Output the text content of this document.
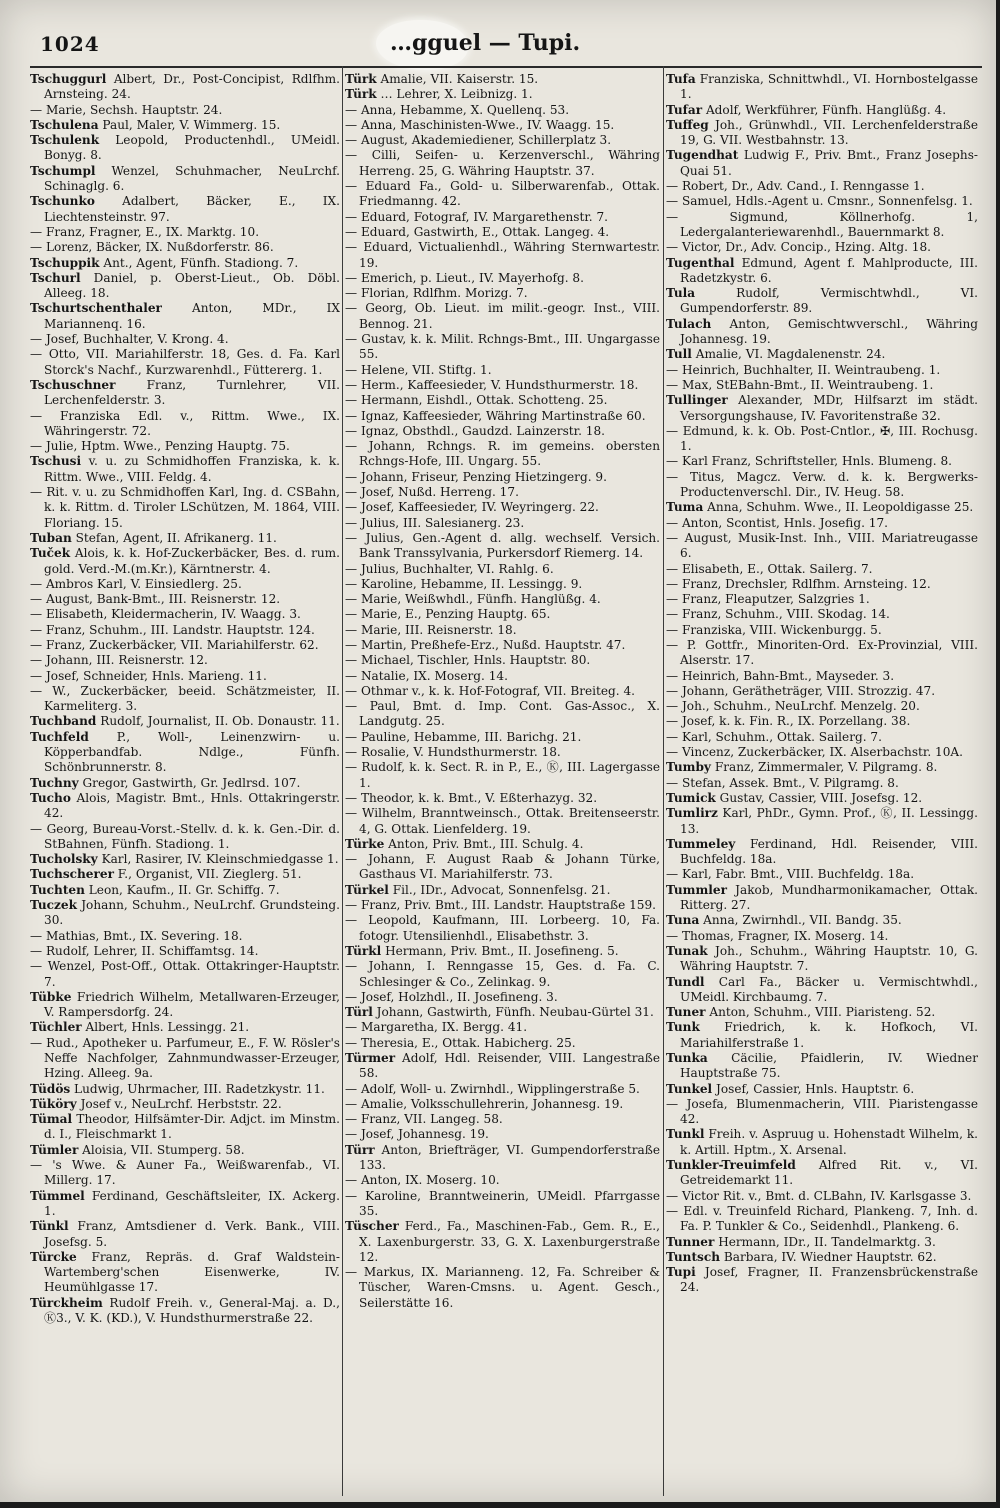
1024	…gguel — Tupi.
Tschuggurl Albert, Dr., Post-Concipist, Rdlfhm. Arnsteing. 24.
— Marie, Sechsh. Hauptstr. 24.
Tschulena Paul, Maler, V. Wimmerg. 15.
Tschulenk Leopold, Productenhdl., UMeidl. Bonyg. 8.
Tschumpl Wenzel, Schuhmacher, NeuLrchf. Schinaglg. 6.
Tschunko Adalbert, Bäcker, E., IX. Liechtensteinstr. 97.
— Franz, Fragner, E., IX. Marktg. 10.
— Lorenz, Bäcker, IX. Nußdorferstr. 86.
Tschuppik Ant., Agent, Fünfh. Stadiong. 7.
Tschurl Daniel, p. Oberst-Lieut., Ob. Döbl. Alleeg. 18.
Tschurtschenthaler Anton, MDr., IX Mariannenq. 16.
— Josef, Buchhalter, V. Krong. 4.
— Otto, VII. Mariahilferstr. 18, Ges. d. Fa. Karl Storck's Nachf., Kurzwarenhdl., Füttererg. 1.
Tschuschner Franz, Turnlehrer, VII. Lerchenfelderstr. 3.
— Franziska Edl. v., Rittm. Wwe., IX. Währingerstr. 72.
— Julie, Hptm. Wwe., Penzing Hauptg. 75.
Tschusi v. u. zu Schmidhoffen Franziska, k. k. Rittm. Wwe., VIII. Feldg. 4.
— Rit. v. u. zu Schmidhoffen Karl, Ing. d. CSBahn, k. k. Rittm. d. Tiroler LSchützen, M. 1864, VIII. Floriang. 15.
Tuban Stefan, Agent, II. Afrikanerg. 11.
Tuček Alois, k. k. Hof-Zuckerbäcker, Bes. d. rum. gold. Verd.-M.(m.Kr.), Kärntnerstr. 4.
— Ambros Karl, V. Einsiedlerg. 25.
— August, Bank-Bmt., III. Reisnerstr. 12.
— Elisabeth, Kleidermacherin, IV. Waagg. 3.
— Franz, Schuhm., III. Landstr. Hauptstr. 124.
— Franz, Zuckerbäcker, VII. Mariahilferstr. 62.
— Johann, III. Reisnerstr. 12.
— Josef, Schneider, Hnls. Marieng. 11.
— W., Zuckerbäcker, beeid. Schätzmeister, II. Karmeliterg. 3.
Tuchband Rudolf, Journalist, II. Ob. Donaustr. 11.
Tuchfeld P., Woll-, Leinenzwirn- u. Köpperbandfab. Ndlge., Fünfh. Schönbrunnerstr. 8.
Tuchny Gregor, Gastwirth, Gr. Jedlrsd. 107.
Tucho Alois, Magistr. Bmt., Hnls. Ottakringerstr. 42.
— Georg, Bureau-Vorst.-Stellv. d. k. k. Gen.-Dir. d. StBahnen, Fünfh. Stadiong. 1.
Tucholsky Karl, Rasirer, IV. Kleinschmiedgasse 1.
Tuchscherer F., Organist, VII. Zieglerg. 51.
Tuchten Leon, Kaufm., II. Gr. Schiffg. 7.
Tuczek Johann, Schuhm., NeuLrchf. Grundsteing. 30.
— Mathias, Bmt., IX. Severing. 18.
— Rudolf, Lehrer, II. Schiffamtsg. 14.
— Wenzel, Post-Off., Ottak. Ottakringer-Hauptstr. 7.
Tübke Friedrich Wilhelm, Metallwaren-Erzeuger, V. Rampersdorfg. 24.
Tüchler Albert, Hnls. Lessingg. 21.
— Rud., Apotheker u. Parfumeur, E., F. W. Rösler's Neffe Nachfolger, Zahnmundwasser-Erzeuger, Hzing. Alleeg. 9a.
Tüdös Ludwig, Uhrmacher, III. Radetzkystr. 11.
Tüköry Josef v., NeuLrchf. Herbststr. 22.
Tümal Theodor, Hilfsämter-Dir. Adjct. im Minstm. d. I., Fleischmarkt 1.
Tümler Aloisia, VII. Stumperg. 58.
— 's Wwe. & Auner Fa., Weißwarenfab., VI. Millerg. 17.
Tümmel Ferdinand, Geschäftsleiter, IX. Ackerg. 1.
Tünkl Franz, Amtsdiener d. Verk. Bank., VIII. Josefsg. 5.
Türcke Franz, Repräs. d. Graf Waldstein-Wartemberg'schen Eisenwerke, IV. Heumühlgasse 17.
Türckheim Rudolf Freih. v., General-Maj. a. D., Ⓚ3., V. K. (KD.), V. Hundsthurmerstraße 22.
Türk Amalie, VII. Kaiserstr. 15.
Türk … Lehrer, X. Leibnizg. 1.
— Anna, Hebamme, X. Quellenq. 53.
— Anna, Maschinisten-Wwe., IV. Waagg. 15.
— August, Akademiediener, Schillerplatz 3.
— Cilli, Seifen- u. Kerzenverschl., Währing Herreng. 25, G. Währing Hauptstr. 37.
— Eduard Fa., Gold- u. Silberwarenfab., Ottak. Friedmanng. 42.
— Eduard, Fotograf, IV. Margarethenstr. 7.
— Eduard, Gastwirth, E., Ottak. Langeg. 4.
— Eduard, Victualienhdl., Währing Sternwartestr. 19.
— Emerich, p. Lieut., IV. Mayerhofg. 8.
— Florian, Rdlfhm. Morizg. 7.
— Georg, Ob. Lieut. im milit.-geogr. Inst., VIII. Bennog. 21.
— Gustav, k. k. Milit. Rchngs-Bmt., III. Ungargasse 55.
— Helene, VII. Stiftg. 1.
— Herm., Kaffeesieder, V. Hundsthurmerstr. 18.
— Hermann, Eishdl., Ottak. Schotteng. 25.
— Ignaz, Kaffeesieder, Währing Martinstraße 60.
— Ignaz, Obsthdl., Gaudzd. Lainzerstr. 18.
— Johann, Rchngs. R. im gemeins. obersten Rchngs-Hofe, III. Ungarg. 55.
— Johann, Friseur, Penzing Hietzingerg. 9.
— Josef, Nußd. Herreng. 17.
— Josef, Kaffeesieder, IV. Weyringerg. 22.
— Julius, III. Salesianerg. 23.
— Julius, Gen.-Agent d. allg. wechself. Versich. Bank Transsylvania, Purkersdorf Riemerg. 14.
— Julius, Buchhalter, VI. Rahlg. 6.
— Karoline, Hebamme, II. Lessingg. 9.
— Marie, Weißwhdl., Fünfh. Hanglüßg. 4.
— Marie, E., Penzing Hauptg. 65.
— Marie, III. Reisnerstr. 18.
— Martin, Preßhefe-Erz., Nußd. Hauptstr. 47.
— Michael, Tischler, Hnls. Hauptstr. 80.
— Natalie, IX. Moserg. 14.
— Othmar v., k. k. Hof-Fotograf, VII. Breiteg. 4.
— Paul, Bmt. d. Imp. Cont. Gas-Assoc., X. Landgutg. 25.
— Pauline, Hebamme, III. Barichg. 21.
— Rosalie, V. Hundsthurmerstr. 18.
— Rudolf, k. k. Sect. R. in P., E., Ⓚ, III. Lagergasse 1.
— Theodor, k. k. Bmt., V. Eßterhazyg. 32.
— Wilhelm, Branntweinsch., Ottak. Breitenseerstr. 4, G. Ottak. Lienfelderg. 19.
Türke Anton, Priv. Bmt., III. Schulg. 4.
— Johann, F. August Raab & Johann Türke, Gasthaus VI. Mariahilferstr. 73.
Türkel Fil., IDr., Advocat, Sonnenfelsg. 21.
— Franz, Priv. Bmt., III. Landstr. Hauptstraße 159.
— Leopold, Kaufmann, III. Lorbeerg. 10, Fa. fotogr. Utensilienhdl., Elisabethstr. 3.
Türkl Hermann, Priv. Bmt., II. Josefineng. 5.
— Johann, I. Renngasse 15, Ges. d. Fa. C. Schlesinger & Co., Zelinkag. 9.
— Josef, Holzhdl., II. Josefineng. 3.
Türl Johann, Gastwirth, Fünfh. Neubau-Gürtel 31.
— Margaretha, IX. Bergg. 41.
— Theresia, E., Ottak. Habicherg. 25.
Türmer Adolf, Hdl. Reisender, VIII. Langestraße 58.
— Adolf, Woll- u. Zwirnhdl., Wipplingerstraße 5.
— Amalie, Volksschullehrerin, Johannesg. 19.
— Franz, VII. Langeg. 58.
— Josef, Johannesg. 19.
Türr Anton, Briefträger, VI. Gumpendorferstraße 133.
— Anton, IX. Moserg. 10.
— Karoline, Branntweinerin, UMeidl. Pfarrgasse 35.
Tüscher Ferd., Fa., Maschinen-Fab., Gem. R., E., X. Laxenburgerstr. 33, G. X. Laxenburgerstraße 12.
— Markus, IX. Marianneng. 12, Fa. Schreiber & Tüscher, Waren-Cmsns. u. Agent. Gesch., Seilerstätte 16.
Tufa Franziska, Schnittwhdl., VI. Hornbostelgasse 1.
Tufar Adolf, Werkführer, Fünfh. Hanglüßg. 4.
Tuffeg Joh., Grünwhdl., VII. Lerchenfelderstraße 19, G. VII. Westbahnstr. 13.
Tugendhat Ludwig F., Priv. Bmt., Franz Josephs-Quai 51.
— Robert, Dr., Adv. Cand., I. Renngasse 1.
— Samuel, Hdls.-Agent u. Cmsnr., Sonnenfelsg. 1.
— Sigmund, Köllnerhofg. 1, Ledergalanteriewarenhdl., Bauernmarkt 8.
— Victor, Dr., Adv. Concip., Hzing. Altg. 18.
Tugenthal Edmund, Agent f. Mahlproducte, III. Radetzkystr. 6.
Tula Rudolf, Vermischtwhdl., VI. Gumpendorferstr. 89.
Tulach Anton, Gemischtwverschl., Währing Johannesg. 19.
Tull Amalie, VI. Magdalenenstr. 24.
— Heinrich, Buchhalter, II. Weintraubeng. 1.
— Max, StEBahn-Bmt., II. Weintraubeng. 1.
Tullinger Alexander, MDr, Hilfsarzt im städt. Versorgungshause, IV. Favoritenstraße 32.
— Edmund, k. k. Ob. Post-Cntlor., ✠, III. Rochusg. 1.
— Karl Franz, Schriftsteller, Hnls. Blumeng. 8.
— Titus, Magcz. Verw. d. k. k. Bergwerks-Productenverschl. Dir., IV. Heug. 58.
Tuma Anna, Schuhm. Wwe., II. Leopoldigasse 25.
— Anton, Scontist, Hnls. Josefig. 17.
— August, Musik-Inst. Inh., VIII. Mariatreugasse 6.
— Elisabeth, E., Ottak. Sailerg. 7.
— Franz, Drechsler, Rdlfhm. Arnsteing. 12.
— Franz, Fleaputzer, Salzgries 1.
— Franz, Schuhm., VIII. Skodag. 14.
— Franziska, VIII. Wickenburgg. 5.
— P. Gottfr., Minoriten-Ord. Ex-Provinzial, VIII. Alserstr. 17.
— Heinrich, Bahn-Bmt., Mayseder. 3.
— Johann, Gerätheträger, VIII. Strozzig. 47.
— Joh., Schuhm., NeuLrchf. Menzelg. 20.
— Josef, k. k. Fin. R., IX. Porzellang. 38.
— Karl, Schuhm., Ottak. Sailerg. 7.
— Vincenz, Zuckerbäcker, IX. Alserbachstr. 10A.
Tumby Franz, Zimmermaler, V. Pilgramg. 8.
— Stefan, Assek. Bmt., V. Pilgramg. 8.
Tumick Gustav, Cassier, VIII. Josefsg. 12.
Tumlirz Karl, PhDr., Gymn. Prof., Ⓚ, II. Lessingg. 13.
Tummeley Ferdinand, Hdl. Reisender, VIII. Buchfeldg. 18a.
— Karl, Fabr. Bmt., VIII. Buchfeldg. 18a.
Tummler Jakob, Mundharmonikamacher, Ottak. Ritterg. 27.
Tuna Anna, Zwirnhdl., VII. Bandg. 35.
— Thomas, Fragner, IX. Moserg. 14.
Tunak Joh., Schuhm., Währing Hauptstr. 10, G. Währing Hauptstr. 7.
Tundl Carl Fa., Bäcker u. Vermischtwhdl., UMeidl. Kirchbaumg. 7.
Tuner Anton, Schuhm., VIII. Piaristeng. 52.
Tunk Friedrich, k. k. Hofkoch, VI. Mariahilferstraße 1.
Tunka Cäcilie, Pfaidlerin, IV. Wiedner Hauptstraße 75.
Tunkel Josef, Cassier, Hnls. Hauptstr. 6.
— Josefa, Blumenmacherin, VIII. Piaristengasse 42.
Tunkl Freih. v. Aspruug u. Hohenstadt Wilhelm, k. k. Artill. Hptm., X. Arsenal.
Tunkler-Treuimfeld Alfred Rit. v., VI. Getreidemarkt 11.
— Victor Rit. v., Bmt. d. CLBahn, IV. Karlsgasse 3.
— Edl. v. Treuinfeld Richard, Plankeng. 7, Inh. d. Fa. P. Tunkler & Co., Seidenhdl., Plankeng. 6.
Tunner Hermann, IDr., II. Tandelmarktg. 3.
Tuntsch Barbara, IV. Wiedner Hauptstr. 62.
Tupi Josef, Fragner, II. Franzensbrückenstraße 24.
